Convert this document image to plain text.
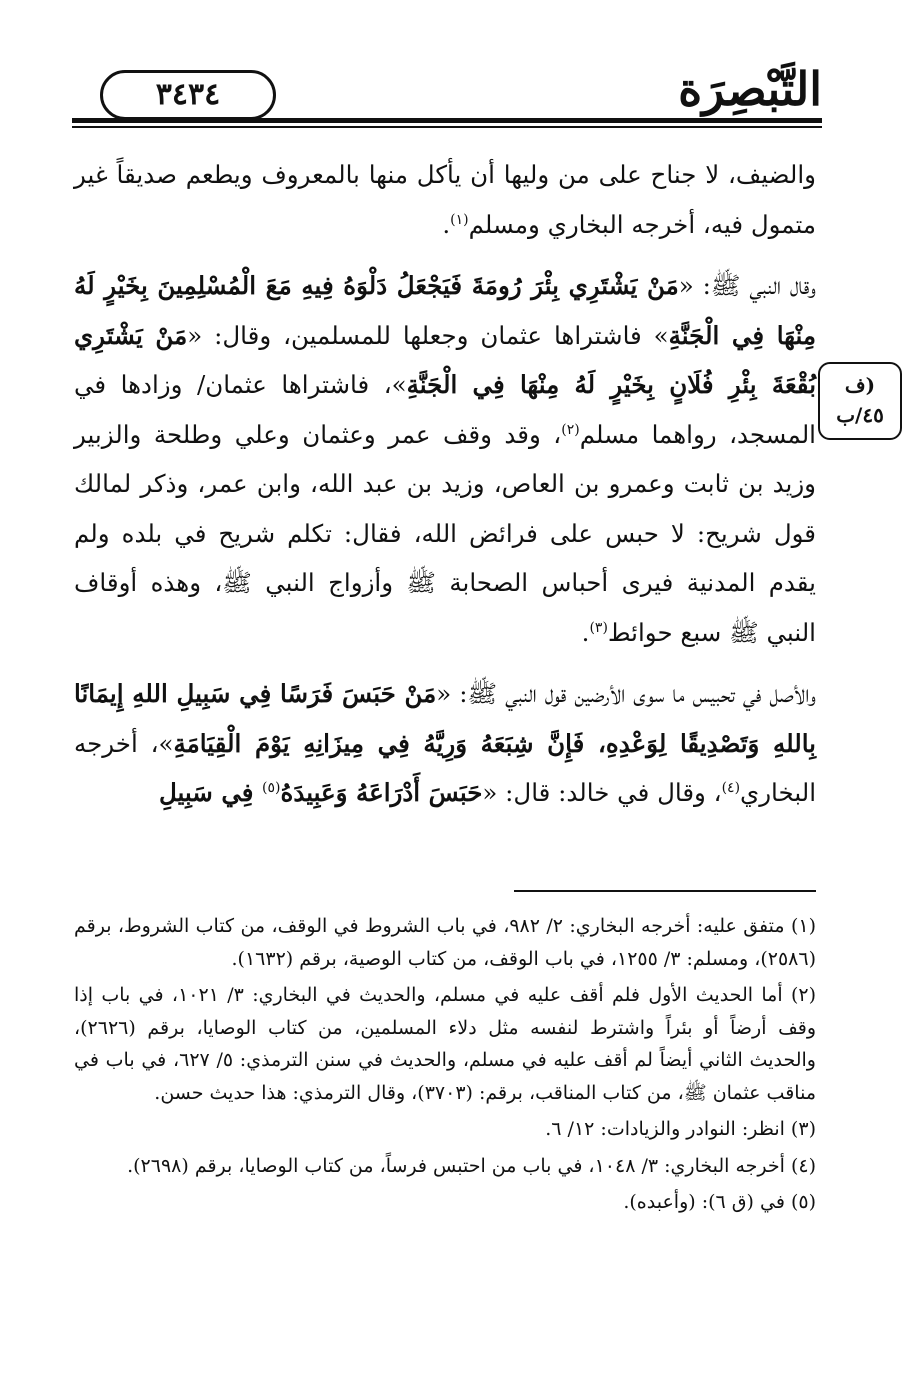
التَّبْصِرَة
٣٤٣٤
(ف
٤٥/ب

والضيف، لا جناح على من وليها أن يأكل منها بالمعروف ويطعم صديقاً غير متمول فيه، أخرجه البخاري ومسلم$^{(١)}$.

وقال النبي ﷺ: «مَنْ يَشْتَرِي بِئْرَ رُومَةَ فَيَجْعَلُ دَلْوَهُ فِيهِ مَعَ الْمُسْلِمِينَ بِخَيْرٍ لَهُ مِنْهَا فِي الْجَنَّةِ» فاشتراها عثمان وجعلها للمسلمين، وقال: «مَنْ يَشْتَرِي بُقْعَةَ بِئْرِ فُلَانٍ بِخَيْرٍ لَهُ مِنْهَا فِي الْجَنَّةِ»، فاشتراها عثمان/ وزادها في المسجد، رواهما مسلم$^{(٢)}$، وقد وقف عمر وعثمان وعلي وطلحة والزبير وزيد بن ثابت وعمرو بن العاص، وزيد بن عبد الله، وابن عمر، وذكر لمالك قول شريح: لا حبس على فرائض الله، فقال: تكلم شريح في بلده ولم يقدم المدنية فيرى أحباس الصحابة ﷺ وأزواج النبي ﷺ، وهذه أوقاف النبي ﷺ سبع حوائط$^{(٣)}$.

والأصل في تحبيس ما سوى الأرضين قول النبي ﷺ: «مَنْ حَبَسَ فَرَسًا فِي سَبِيلِ اللهِ إِيمَانًا بِاللهِ وَتَصْدِيقًا لِوَعْدِهِ، فَإِنَّ شِبَعَهُ وَرِيَّهُ فِي مِيزَانِهِ يَوْمَ الْقِيَامَةِ»، أخرجه البخاري$^{(٤)}$، وقال في خالد: قال: «حَبَسَ أَدْرَاعَهُ وَعَبِيدَهُ$^{(٥)}$ فِي سَبِيلِ

(١) متفق عليه: أخرجه البخاري: ٢/ ٩٨٢، في باب الشروط في الوقف، من كتاب الشروط، برقم (٢٥٨٦)، ومسلم: ٣/ ١٢٥٥، في باب الوقف، من كتاب الوصية، برقم (١٦٣٢).

(٢) أما الحديث الأول فلم أقف عليه في مسلم، والحديث في البخاري: ٣/ ١٠٢١، في باب إذا وقف أرضاً أو بئراً واشترط لنفسه مثل دلاء المسلمين، من كتاب الوصايا، برقم (٢٦٢٦)، والحديث الثاني أيضاً لم أقف عليه في مسلم، والحديث في سنن الترمذي: ٥/ ٦٢٧، في باب في مناقب عثمان ﷺ، من كتاب المناقب، برقم: (٣٧٠٣)، وقال الترمذي: هذا حديث حسن.

(٣) انظر: النوادر والزيادات: ١٢/ ٦.

(٤) أخرجه البخاري: ٣/ ١٠٤٨، في باب من احتبس فرساً، من كتاب الوصايا، برقم (٢٦٩٨).

(٥) في (ق ٦): (وأعبده).
